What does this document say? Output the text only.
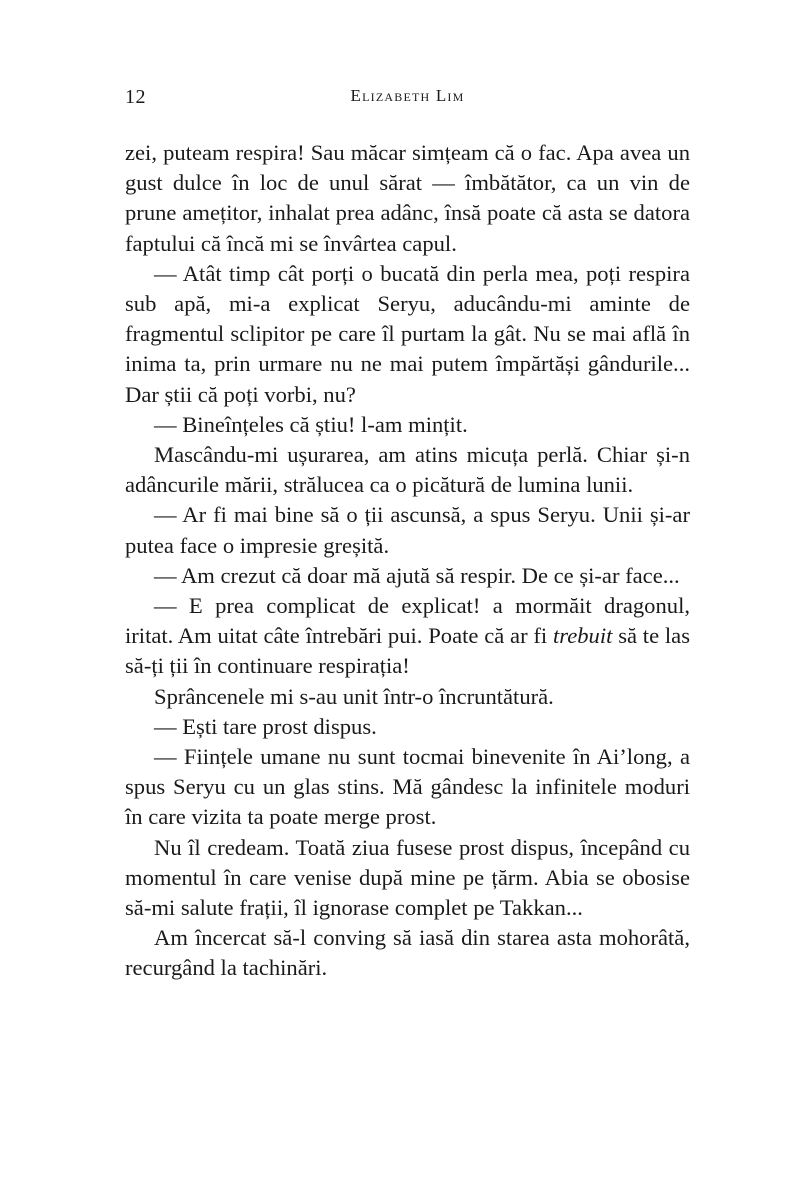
12	Elizabeth Lim

zei, puteam respira! Sau măcar simțeam că o fac. Apa avea un gust dulce în loc de unul sărat — îmbătător, ca un vin de prune amețitor, inhalat prea adânc, însă poate că asta se datora faptului că încă mi se învârtea capul.

— Atât timp cât porți o bucată din perla mea, poți respira sub apă, mi-a explicat Seryu, aducându-mi aminte de fragmentul sclipitor pe care îl purtam la gât. Nu se mai află în inima ta, prin urmare nu ne mai putem împărtăși gândurile... Dar știi că poți vorbi, nu?

— Bineînțeles că știu! l-am mințit.

Mascându-mi ușurarea, am atins micuța perlă. Chiar și-n adâncurile mării, strălucea ca o picătură de lumina lunii.

— Ar fi mai bine să o ții ascunsă, a spus Seryu. Unii și-ar putea face o impresie greșită.

— Am crezut că doar mă ajută să respir. De ce și-ar face...

— E prea complicat de explicat! a mormăit dragonul, iritat. Am uitat câte întrebări pui. Poate că ar fi trebuit să te las să-ți ții în continuare respirația!

Sprâncenele mi s-au unit într-o încruntătură.

— Ești tare prost dispus.

— Ființele umane nu sunt tocmai binevenite în Ai’long, a spus Seryu cu un glas stins. Mă gândesc la infinitele moduri în care vizita ta poate merge prost.

Nu îl credeam. Toată ziua fusese prost dispus, începând cu momentul în care venise după mine pe țărm. Abia se obosise să-mi salute frații, îl ignorase complet pe Takkan...

Am încercat să-l conving să iasă din starea asta mohorâtă, recurgând la tachinări.
